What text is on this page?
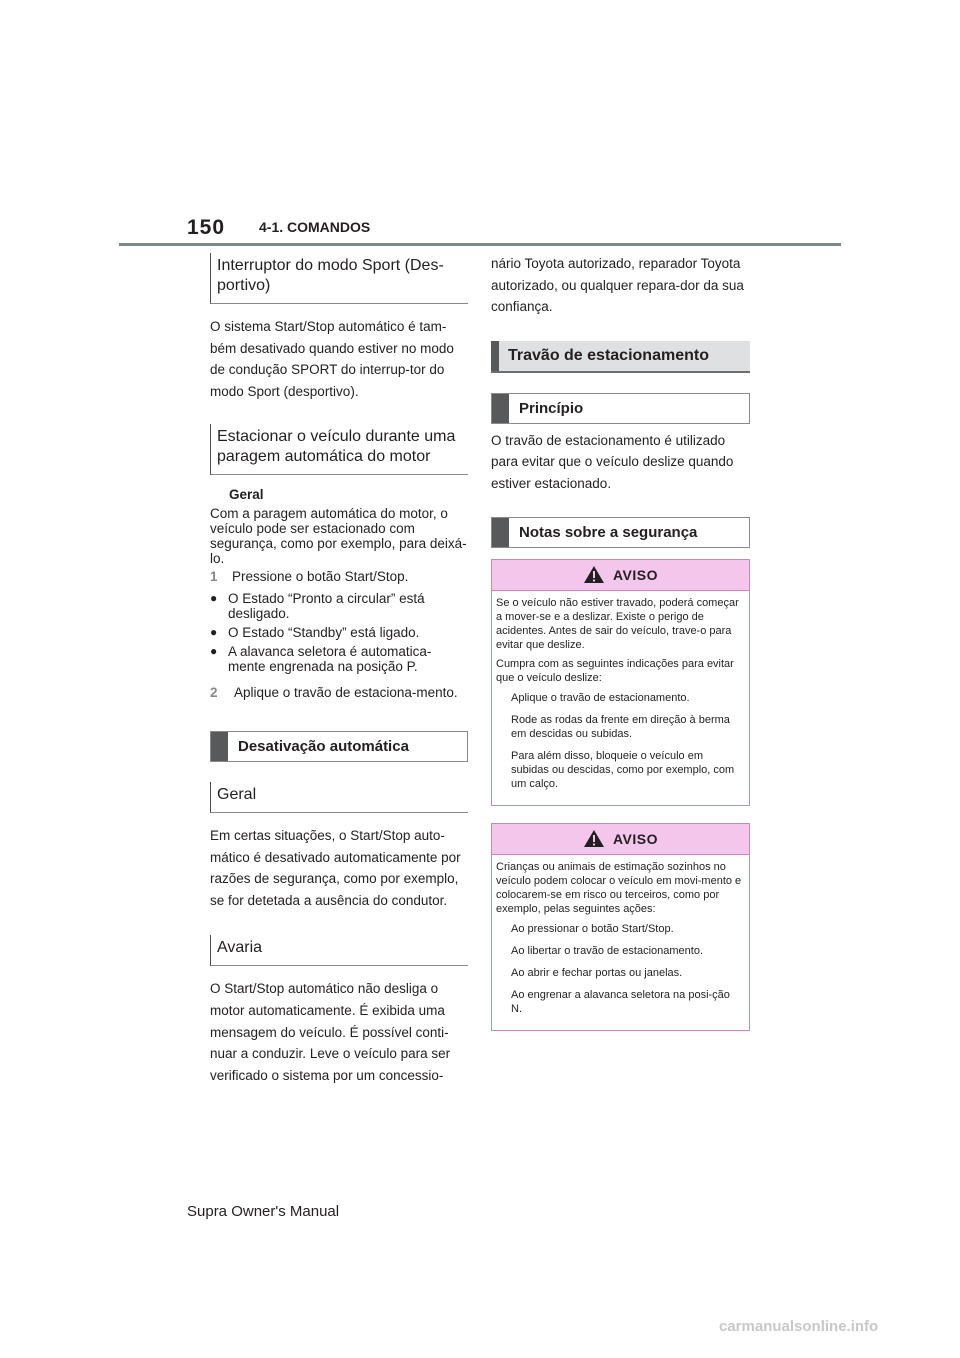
150 4-1. COMANDOS
Interruptor do modo Sport (Des-portivo)

O sistema Start/Stop automático é tam-bém desativado quando estiver no modo de condução SPORT do interrup-tor do modo Sport (desportivo).

Estacionar o veículo durante uma paragem automática do motor
Geral

Com a paragem automática do motor, o veículo pode ser estacionado com segurança, como por exemplo, para deixá-lo.

1	Pressione o botão Start/Stop.
● O Estado “Pronto a circular” está desligado.
● O Estado “Standby” está ligado.
● A alavanca seletora é automatica-mente engrenada na posição P.
2	Aplique o travão de estaciona-mento.
Desativação automática
Geral

Em certas situações, o Start/Stop auto-mático é desativado automaticamente por razões de segurança, como por exemplo, se for detetada a ausência do condutor.

Avaria

O Start/Stop automático não desliga o motor automaticamente. É exibida uma mensagem do veículo. É possível conti-nuar a conduzir. Leve o veículo para ser verificado o sistema por um concessio-

nário Toyota autorizado, reparador Toyota autorizado, ou qualquer repara-dor da sua confiança.

Travão de estacionamento
Princípio

O travão de estacionamento é utilizado para evitar que o veículo deslize quando estiver estacionado.

Notas sobre a segurança
AVISO

Se o veículo não estiver travado, poderá começar a mover-se e a deslizar. Existe o perigo de acidentes. Antes de sair do veículo, trave-o para evitar que deslize.

Cumpra com as seguintes indicações para evitar que o veículo deslize:

Aplique o travão de estacionamento.
Rode as rodas da frente em direção à berma em descidas ou subidas.
Para além disso, bloqueie o veículo em subidas ou descidas, como por exemplo, com um calço.
AVISO

Crianças ou animais de estimação sozinhos no veículo podem colocar o veículo em movi-mento e colocarem-se em risco ou terceiros, como por exemplo, pelas seguintes ações:

Ao pressionar o botão Start/Stop.
Ao libertar o travão de estacionamento.
Ao abrir e fechar portas ou janelas.
Ao engrenar a alavanca seletora na posi-ção N.
Supra Owner's Manual
carmanualsonline.info
